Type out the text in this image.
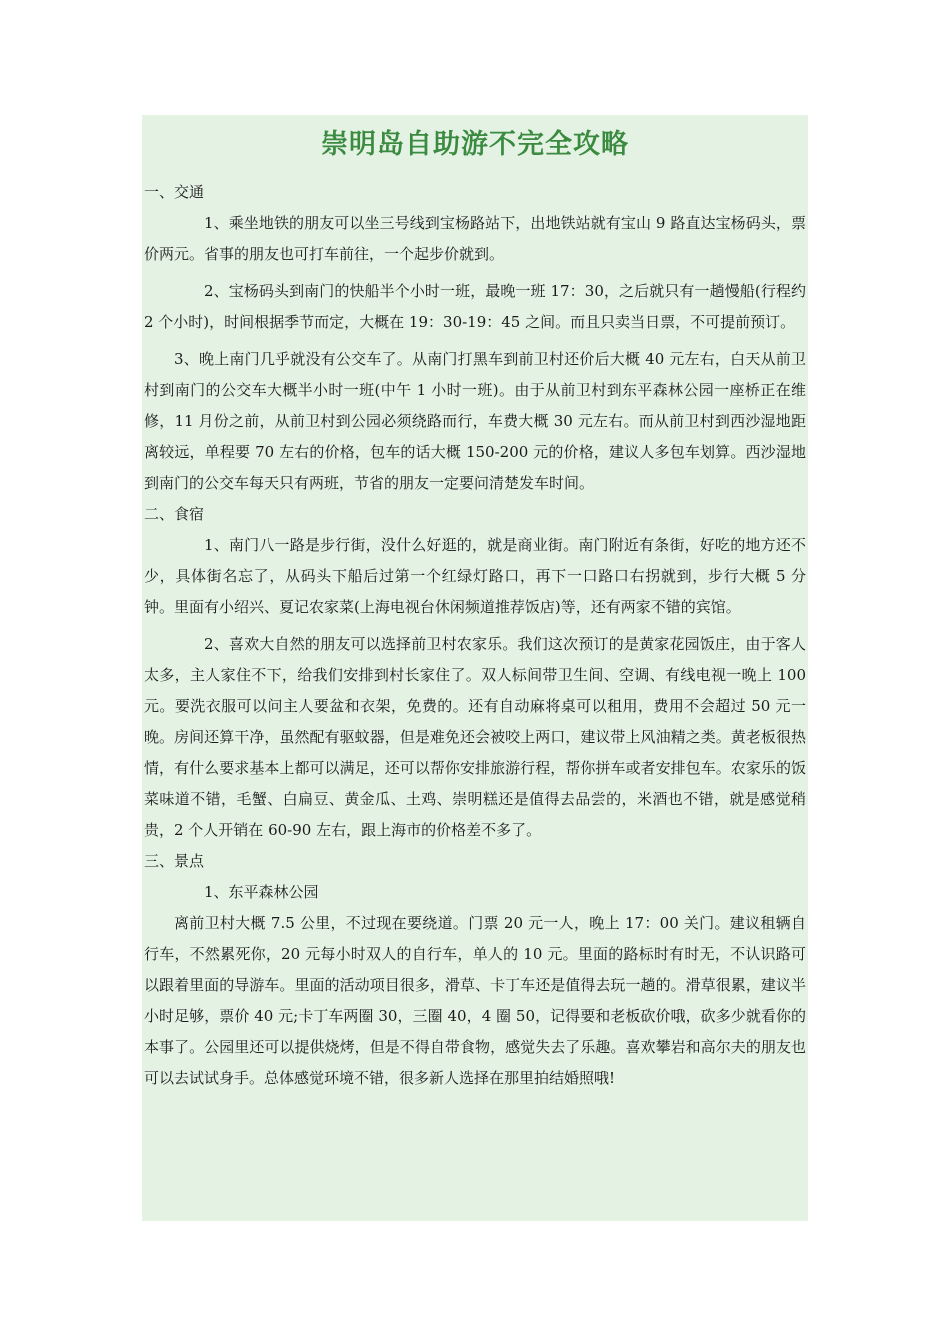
崇明岛自助游不完全攻略
一、交通

1、乘坐地铁的朋友可以坐三号线到宝杨路站下，出地铁站就有宝山 9 路直达宝杨码头，票价两元。省事的朋友也可打车前往，一个起步价就到。

2、宝杨码头到南门的快船半个小时一班，最晚一班 17：30，之后就只有一趟慢船(行程约 2 个小时)，时间根据季节而定，大概在 19：30-19：45 之间。而且只卖当日票，不可提前预订。

3、晚上南门几乎就没有公交车了。从南门打黑车到前卫村还价后大概 40 元左右，白天从前卫村到南门的公交车大概半小时一班(中午 1 小时一班)。由于从前卫村到东平森林公园一座桥正在维修，11 月份之前，从前卫村到公园必须绕路而行，车费大概 30 元左右。而从前卫村到西沙湿地距离较远，单程要 70 左右的价格，包车的话大概 150-200 元的价格，建议人多包车划算。西沙湿地到南门的公交车每天只有两班，节省的朋友一定要问清楚发车时间。

二、食宿

1、南门八一路是步行街，没什么好逛的，就是商业街。南门附近有条街，好吃的地方还不少，具体街名忘了，从码头下船后过第一个红绿灯路口，再下一口路口右拐就到，步行大概 5 分钟。里面有小绍兴、夏记农家菜(上海电视台休闲频道推荐饭店)等，还有两家不错的宾馆。

2、喜欢大自然的朋友可以选择前卫村农家乐。我们这次预订的是黄家花园饭庄，由于客人太多，主人家住不下，给我们安排到村长家住了。双人标间带卫生间、空调、有线电视一晚上 100 元。要洗衣服可以问主人要盆和衣架，免费的。还有自动麻将桌可以租用，费用不会超过 50 元一晚。房间还算干净，虽然配有驱蚊器，但是难免还会被咬上两口，建议带上风油精之类。黄老板很热情，有什么要求基本上都可以满足，还可以帮你安排旅游行程，帮你拼车或者安排包车。农家乐的饭菜味道不错，毛蟹、白扁豆、黄金瓜、土鸡、崇明糕还是值得去品尝的，米酒也不错，就是感觉稍贵，2 个人开销在 60-90 左右，跟上海市的价格差不多了。

三、景点

1、东平森林公园

离前卫村大概 7.5 公里，不过现在要绕道。门票 20 元一人，晚上 17：00 关门。建议租辆自行车，不然累死你，20 元每小时双人的自行车，单人的 10 元。里面的路标时有时无，不认识路可以跟着里面的导游车。里面的活动项目很多，滑草、卡丁车还是值得去玩一趟的。滑草很累，建议半小时足够，票价 40 元;卡丁车两圈 30，三圈 40，4 圈 50，记得要和老板砍价哦，砍多少就看你的本事了。公园里还可以提供烧烤，但是不得自带食物，感觉失去了乐趣。喜欢攀岩和高尔夫的朋友也可以去试试身手。总体感觉环境不错，很多新人选择在那里拍结婚照哦!
